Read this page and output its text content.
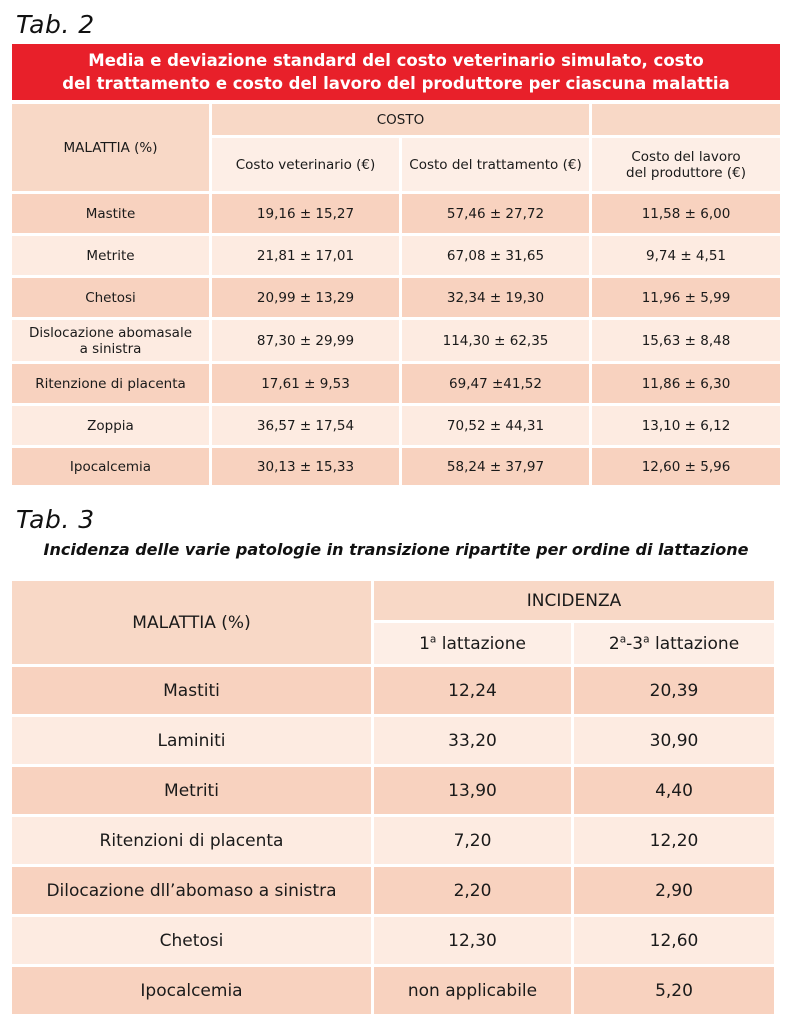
Tab. 2
Media e deviazione standard del costo veterinario simulato, costo
del trattamento e costo del lavoro del produttore per ciascuna malattia
MALATTIA (%)	COSTO		
	Costo veterinario (€)	Costo del trattamento (€)	Costo del lavoro
del produttore (€)
Mastite	19,16 ± 15,27	57,46 ± 27,72	11,58 ± 6,00
Metrite	21,81 ± 17,01	67,08 ± 31,65	9,74 ± 4,51
Chetosi	20,99 ± 13,29	32,34 ± 19,30	11,96 ± 5,99
Dislocazione abomasale
a sinistra	87,30 ± 29,99	114,30 ± 62,35	15,63 ± 8,48
Ritenzione di placenta	17,61 ± 9,53	69,47 ±41,52	11,86 ± 6,30
Zoppia	36,57 ± 17,54	70,52 ± 44,31	13,10 ± 6,12
Ipocalcemia	30,13 ± 15,33	58,24 ± 37,97	12,60 ± 5,96
Tab. 3
Incidenza delle varie patologie in transizione ripartite per ordine di lattazione
MALATTIA (%)	INCIDENZA	
	1$^a$ lattazione	2$^a$-3$^a$ lattazione
Mastiti	12,24	20,39
Laminiti	33,20	30,90
Metriti	13,90	4,40
Ritenzioni di placenta	7,20	12,20
Dilocazione dll’abomaso a sinistra	2,20	2,90
Chetosi	12,30	12,60
Ipocalcemia	non applicabile	5,20
